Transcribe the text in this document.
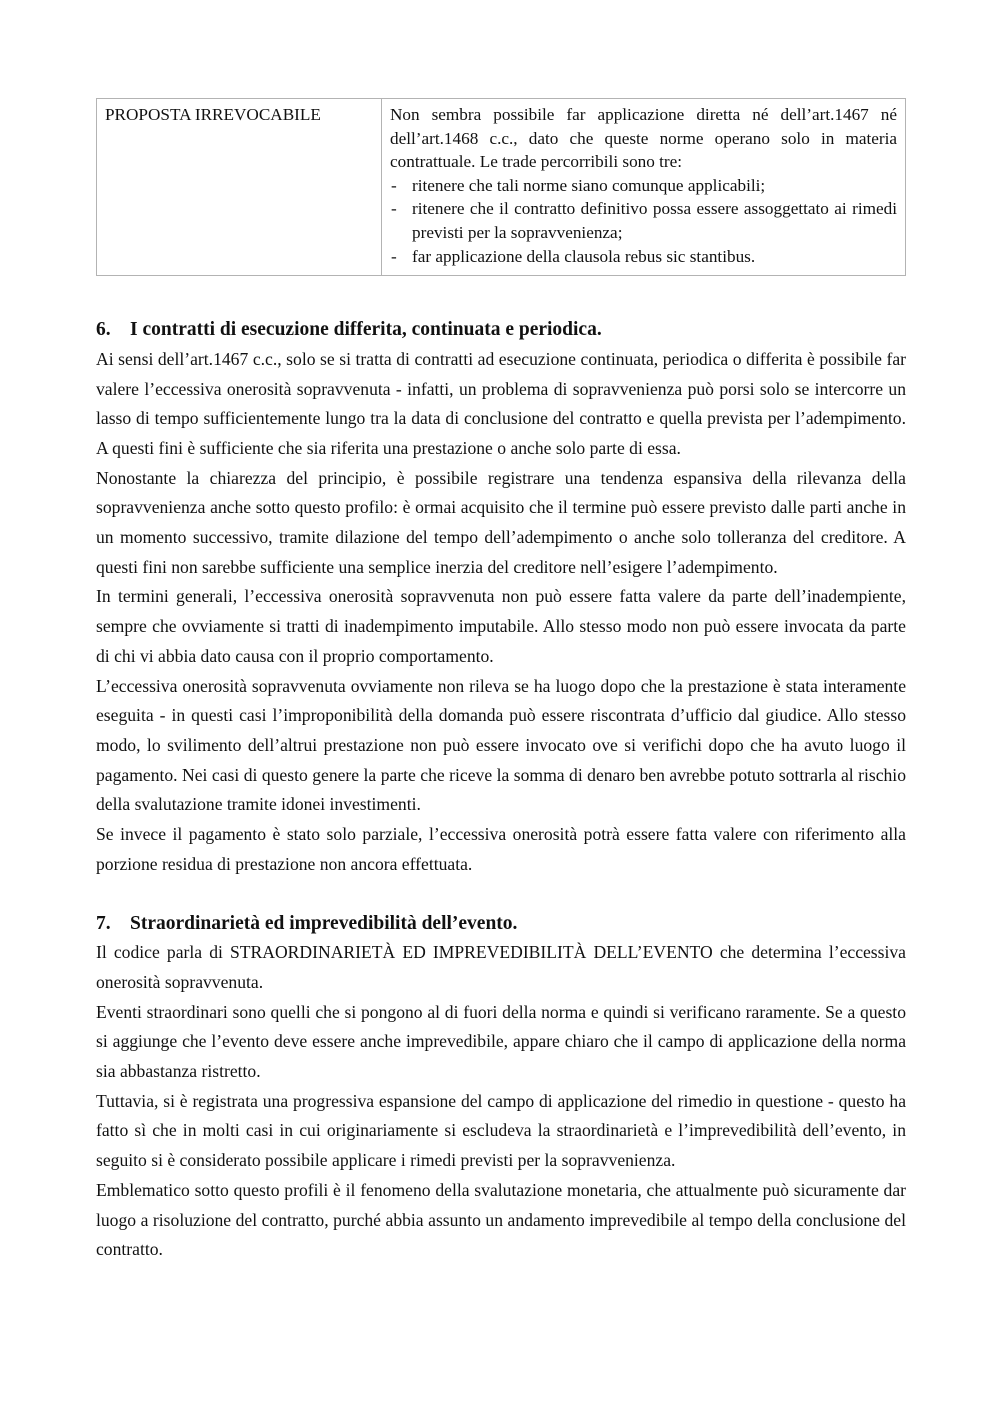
PROPOSTA IRREVOCABILE	Non sembra possibile far applicazione diretta né dell’art.1467 né dell’art.1468 c.c., dato che queste norme operano solo in materia contrattuale. Le trade percorribili sono tre:
- ritenere che tali norme siano comunque applicabili;
- ritenere che il contratto definitivo possa essere assoggettato ai rimedi previsti per la sopravvenienza;
- far applicazione della clausola rebus sic stantibus.
6. I contratti di esecuzione differita, continuata e periodica.

Ai sensi dell’art.1467 c.c., solo se si tratta di contratti ad esecuzione continuata, periodica o differita è possibile far valere l’eccessiva onerosità sopravvenuta - infatti, un problema di sopravvenienza può porsi solo se intercorre un lasso di tempo sufficientemente lungo tra la data di conclusione del contratto e quella prevista per l’adempimento. A questi fini è sufficiente che sia riferita una prestazione o anche solo parte di essa.

Nonostante la chiarezza del principio, è possibile registrare una tendenza espansiva della rilevanza della sopravvenienza anche sotto questo profilo: è ormai acquisito che il termine può essere previsto dalle parti anche in un momento successivo, tramite dilazione del tempo dell’adempimento o anche solo tolleranza del creditore. A questi fini non sarebbe sufficiente una semplice inerzia del creditore nell’esigere l’adempimento.

In termini generali, l’eccessiva onerosità sopravvenuta non può essere fatta valere da parte dell’inadempiente, sempre che ovviamente si tratti di inadempimento imputabile. Allo stesso modo non può essere invocata da parte di chi vi abbia dato causa con il proprio comportamento.

L’eccessiva onerosità sopravvenuta ovviamente non rileva se ha luogo dopo che la prestazione è stata interamente eseguita - in questi casi l’improponibilità della domanda può essere riscontrata d’ufficio dal giudice. Allo stesso modo, lo svilimento dell’altrui prestazione non può essere invocato ove si verifichi dopo che ha avuto luogo il pagamento. Nei casi di questo genere la parte che riceve la somma di denaro ben avrebbe potuto sottrarla al rischio della svalutazione tramite idonei investimenti.

Se invece il pagamento è stato solo parziale, l’eccessiva onerosità potrà essere fatta valere con riferimento alla porzione residua di prestazione non ancora effettuata.

7. Straordinarietà ed imprevedibilità dell’evento.

Il codice parla di STRAORDINARIETÀ ED IMPREVEDIBILITÀ DELL’EVENTO che determina l’eccessiva onerosità sopravvenuta.

Eventi straordinari sono quelli che si pongono al di fuori della norma e quindi si verificano raramente. Se a questo si aggiunge che l’evento deve essere anche imprevedibile, appare chiaro che il campo di applicazione della norma sia abbastanza ristretto.

Tuttavia, si è registrata una progressiva espansione del campo di applicazione del rimedio in questione - questo ha fatto sì che in molti casi in cui originariamente si escludeva la straordinarietà e l’imprevedibilità dell’evento, in seguito si è considerato possibile applicare i rimedi previsti per la sopravvenienza.

Emblematico sotto questo profili è il fenomeno della svalutazione monetaria, che attualmente può sicuramente dar luogo a risoluzione del contratto, purché abbia assunto un andamento imprevedibile al tempo della conclusione del contratto.
